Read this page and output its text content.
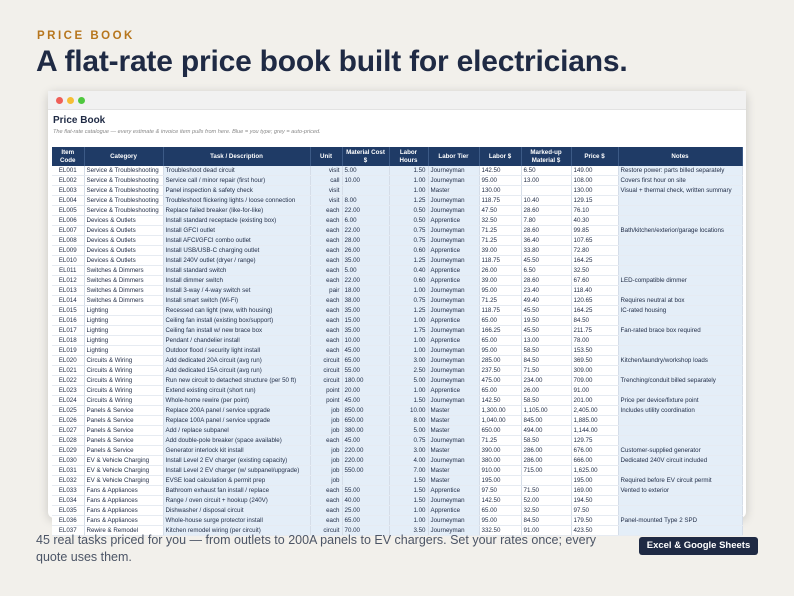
PRICE BOOK
A flat-rate price book built for electricians.
Price Book
The flat-rate catalogue — every estimate & invoice item pulls from here. Blue = you type; grey = auto-priced.
Item Code	Category	Task / Description	Unit	Material Cost $	Labor Hours	Labor Tier	Labor $	Marked-up Material $	Price $	Notes
EL001	Service & Troubleshooting	Troubleshoot dead circuit	visit	5.00	1.50	Journeyman	142.50	6.50	149.00	Restore power: parts billed separately
EL002	Service & Troubleshooting	Service call / minor repair (first hour)	call	10.00	1.00	Journeyman	95.00	13.00	108.00	Covers first hour on site
EL003	Service & Troubleshooting	Panel inspection & safety check	visit		1.00	Master	130.00		130.00	Visual + thermal check, written summary
EL004	Service & Troubleshooting	Troubleshoot flickering lights / loose connection	visit	8.00	1.25	Journeyman	118.75	10.40	129.15	
EL005	Service & Troubleshooting	Replace failed breaker (like-for-like)	each	22.00	0.50	Journeyman	47.50	28.60	76.10	
EL006	Devices & Outlets	Install standard receptacle (existing box)	each	6.00	0.50	Apprentice	32.50	7.80	40.30	
EL007	Devices & Outlets	Install GFCI outlet	each	22.00	0.75	Journeyman	71.25	28.60	99.85	Bath/kitchen/exterior/garage locations
EL008	Devices & Outlets	Install AFCI/GFCI combo outlet	each	28.00	0.75	Journeyman	71.25	36.40	107.65	
EL009	Devices & Outlets	Install USB/USB-C charging outlet	each	26.00	0.60	Apprentice	39.00	33.80	72.80	
EL010	Devices & Outlets	Install 240V outlet (dryer / range)	each	35.00	1.25	Journeyman	118.75	45.50	164.25	
EL011	Switches & Dimmers	Install standard switch	each	5.00	0.40	Apprentice	26.00	6.50	32.50	
EL012	Switches & Dimmers	Install dimmer switch	each	22.00	0.60	Apprentice	39.00	28.60	67.60	LED-compatible dimmer
EL013	Switches & Dimmers	Install 3-way / 4-way switch set	pair	18.00	1.00	Journeyman	95.00	23.40	118.40	
EL014	Switches & Dimmers	Install smart switch (Wi-Fi)	each	38.00	0.75	Journeyman	71.25	49.40	120.65	Requires neutral at box
EL015	Lighting	Recessed can light (new, with housing)	each	35.00	1.25	Journeyman	118.75	45.50	164.25	IC-rated housing
EL016	Lighting	Ceiling fan install (existing box/support)	each	15.00	1.00	Apprentice	65.00	19.50	84.50	
EL017	Lighting	Ceiling fan install w/ new brace box	each	35.00	1.75	Journeyman	166.25	45.50	211.75	Fan-rated brace box required
EL018	Lighting	Pendant / chandelier install	each	10.00	1.00	Apprentice	65.00	13.00	78.00	
EL019	Lighting	Outdoor flood / security light install	each	45.00	1.00	Journeyman	95.00	58.50	153.50	
EL020	Circuits & Wiring	Add dedicated 20A circuit (avg run)	circuit	65.00	3.00	Journeyman	285.00	84.50	369.50	Kitchen/laundry/workshop loads
EL021	Circuits & Wiring	Add dedicated 15A circuit (avg run)	circuit	55.00	2.50	Journeyman	237.50	71.50	309.00	
EL022	Circuits & Wiring	Run new circuit to detached structure (per 50 ft)	circuit	180.00	5.00	Journeyman	475.00	234.00	709.00	Trenching/conduit billed separately
EL023	Circuits & Wiring	Extend existing circuit (short run)	point	20.00	1.00	Apprentice	65.00	26.00	91.00	
EL024	Circuits & Wiring	Whole-home rewire (per point)	point	45.00	1.50	Journeyman	142.50	58.50	201.00	Price per device/fixture point
EL025	Panels & Service	Replace 200A panel / service upgrade	job	850.00	10.00	Master	1,300.00	1,105.00	2,405.00	Includes utility coordination
EL026	Panels & Service	Replace 100A panel / service upgrade	job	650.00	8.00	Master	1,040.00	845.00	1,885.00	
EL027	Panels & Service	Add / replace subpanel	job	380.00	5.00	Master	650.00	494.00	1,144.00	
EL028	Panels & Service	Add double-pole breaker (space available)	each	45.00	0.75	Journeyman	71.25	58.50	129.75	
EL029	Panels & Service	Generator interlock kit install	job	220.00	3.00	Master	390.00	286.00	676.00	Customer-supplied generator
EL030	EV & Vehicle Charging	Install Level 2 EV charger (existing capacity)	job	220.00	4.00	Journeyman	380.00	286.00	666.00	Dedicated 240V circuit included
EL031	EV & Vehicle Charging	Install Level 2 EV charger (w/ subpanel/upgrade)	job	550.00	7.00	Master	910.00	715.00	1,625.00	
EL032	EV & Vehicle Charging	EVSE load calculation & permit prep	job		1.50	Master	195.00		195.00	Required before EV circuit permit
EL033	Fans & Appliances	Bathroom exhaust fan install / replace	each	55.00	1.50	Apprentice	97.50	71.50	169.00	Vented to exterior
EL034	Fans & Appliances	Range / oven circuit + hookup (240V)	each	40.00	1.50	Journeyman	142.50	52.00	194.50	
EL035	Fans & Appliances	Dishwasher / disposal circuit	each	25.00	1.00	Apprentice	65.00	32.50	97.50	
EL036	Fans & Appliances	Whole-house surge protector install	each	65.00	1.00	Journeyman	95.00	84.50	179.50	Panel-mounted Type 2 SPD
EL037	Rewire & Remodel	Kitchen remodel wiring (per circuit)	circuit	70.00	3.50	Journeyman	332.50	91.00	423.50	
45 real tasks priced for you — from outlets to 200A panels to EV chargers. Set your rates once; every quote uses them.
Excel & Google Sheets
